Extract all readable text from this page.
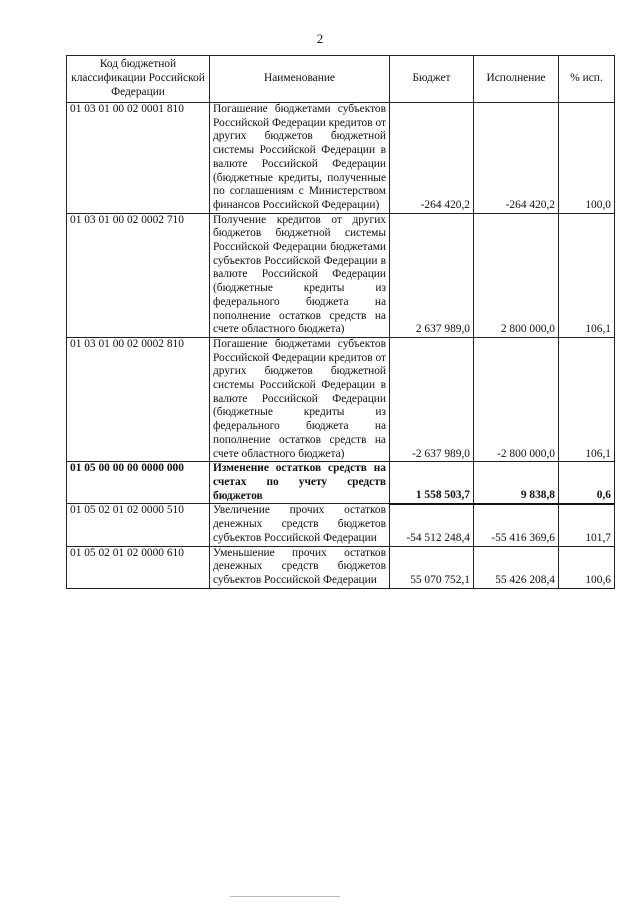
2
Код бюджетной классификации Российской Федерации	Наименование	Бюджет	Исполнение	% исп.
01 03 01 00 02 0001 810	Погашение бюджетами субъектов Российской Федерации кредитов от других бюджетов бюджетной системы Российской Федерации в валюте Российской Федерации (бюджетные кредиты, полученные по соглашениям с Министерством финансов Российской Федерации)	-264 420,2	-264 420,2	100,0
01 03 01 00 02 0002 710	Получение кредитов от других бюджетов бюджетной системы Российской Федерации бюджетами субъектов Российской Федерации в валюте Российской Федерации (бюджетные кредиты из федерального бюджета на пополнение остатков средств на счете областного бюджета)	2 637 989,0	2 800 000,0	106,1
01 03 01 00 02 0002 810	Погашение бюджетами субъектов Российской Федерации кредитов от других бюджетов бюджетной системы Российской Федерации в валюте Российской Федерации (бюджетные кредиты из федерального бюджета на пополнение остатков средств на счете областного бюджета)	-2 637 989,0	-2 800 000,0	106,1
01 05 00 00 00 0000 000	Изменение остатков средств на счетах по учету средств бюджетов	1 558 503,7	9 838,8	0,6
01 05 02 01 02 0000 510	Увеличение прочих остатков денежных средств бюджетов субъектов Российской Федерации	-54 512 248,4	-55 416 369,6	101,7
01 05 02 01 02 0000 610	Уменьшение прочих остатков денежных средств бюджетов субъектов Российской Федерации	55 070 752,1	55 426 208,4	100,6
